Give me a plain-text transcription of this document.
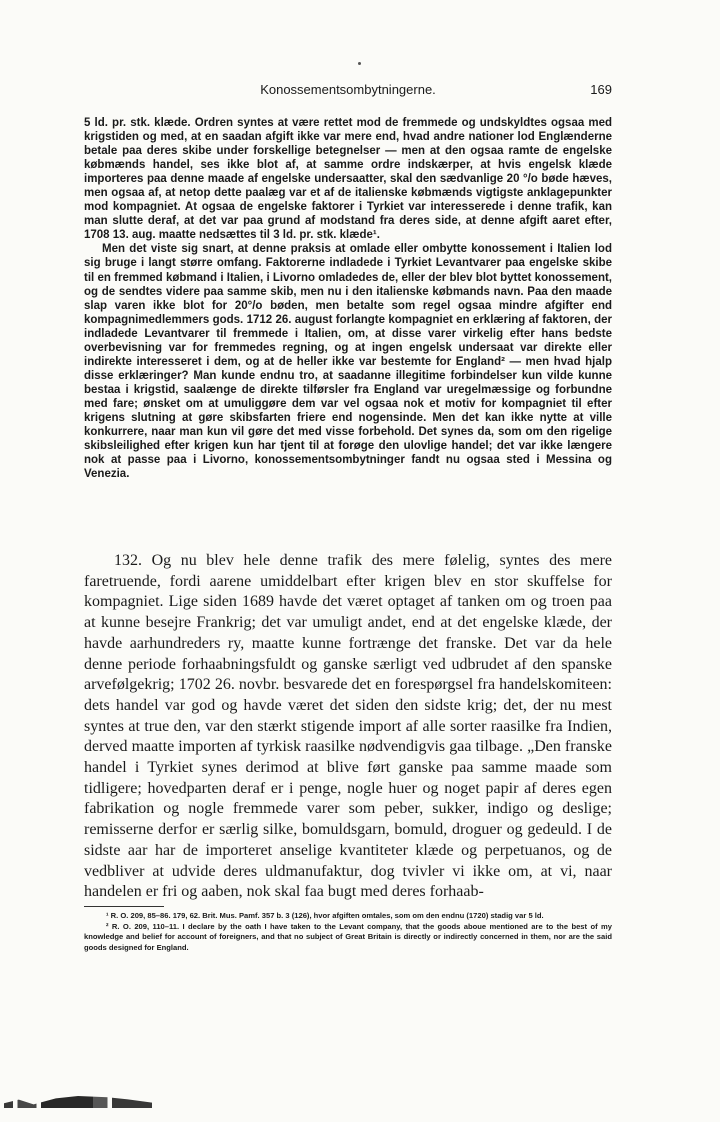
Konossementsombytningerne.	169

5 ld. pr. stk. klæde. Ordren syntes at være rettet mod de fremmede og undskyldtes ogsaa med krigstiden og med, at en saadan afgift ikke var mere end, hvad andre nationer lod Englænderne betale paa deres skibe under forskellige betegnelser — men at den ogsaa ramte de engelske købmænds handel, ses ikke blot af, at samme ordre indskærper, at hvis engelsk klæde importeres paa denne maade af engelske undersaatter, skal den sædvanlige 20 °/o bøde hæves, men ogsaa af, at netop dette paalæg var et af de italienske købmænds vigtigste anklagepunkter mod kompagniet. At ogsaa de engelske faktorer i Tyrkiet var interesserede i denne trafik, kan man slutte deraf, at det var paa grund af modstand fra deres side, at denne afgift aaret efter, 1708 13. aug. maatte nedsættes til 3 ld. pr. stk. klæde¹.

Men det viste sig snart, at denne praksis at omlade eller ombytte konossement i Italien lod sig bruge i langt større omfang. Faktorerne indladede i Tyrkiet Levantvarer paa engelske skibe til en fremmed købmand i Italien, i Livorno omladedes de, eller der blev blot byttet konossement, og de sendtes videre paa samme skib, men nu i den italienske købmands navn. Paa den maade slap varen ikke blot for 20°/o bøden, men betalte som regel ogsaa mindre afgifter end kompagnimedlemmers gods. 1712 26. august forlangte kompagniet en erklæring af faktoren, der indladede Levantvarer til fremmede i Italien, om, at disse varer virkelig efter hans bedste overbevisning var for fremmedes regning, og at ingen engelsk undersaat var direkte eller indirekte interesseret i dem, og at de heller ikke var bestemte for England² — men hvad hjalp disse erklæringer? Man kunde endnu tro, at saadanne illegitime forbindelser kun vilde kunne bestaa i krigstid, saalænge de direkte tilførsler fra England var uregelmæssige og forbundne med fare; ønsket om at umuliggøre dem var vel ogsaa nok et motiv for kompagniet til efter krigens slutning at gøre skibsfarten friere end nogensinde. Men det kan ikke nytte at ville konkurrere, naar man kun vil gøre det med visse forbehold. Det synes da, som om den rigelige skibsleilighed efter krigen kun har tjent til at forøge den ulovlige handel; det var ikke længere nok at passe paa i Livorno, konossementsombytninger fandt nu ogsaa sted i Messina og Venezia.

132. Og nu blev hele denne trafik des mere følelig, syntes des mere faretruende, fordi aarene umiddelbart efter krigen blev en stor skuffelse for kompagniet. Lige siden 1689 havde det været optaget af tanken om og troen paa at kunne besejre Frankrig; det var umuligt andet, end at det engelske klæde, der havde aarhundreders ry, maatte kunne fortrænge det franske. Det var da hele denne periode forhaabningsfuldt og ganske særligt ved udbrudet af den spanske arvefølgekrig; 1702 26. novbr. besvarede det en forespørgsel fra handelskomiteen: dets handel var god og havde været det siden den sidste krig; det, der nu mest syntes at true den, var den stærkt stigende import af alle sorter raasilke fra Indien, derved maatte importen af tyrkisk raasilke nødvendigvis gaa tilbage. „Den franske handel i Tyrkiet synes derimod at blive ført ganske paa samme maade som tidligere; hovedparten deraf er i penge, nogle huer og noget papir af deres egen fabrikation og nogle fremmede varer som peber, sukker, indigo og deslige; remisserne derfor er særlig silke, bomuldsgarn, bomuld, droguer og gedeuld. I de sidste aar har de importeret anselige kvantiteter klæde og perpetuanos, og de vedbliver at udvide deres uldmanufaktur, dog tvivler vi ikke om, at vi, naar handelen er fri og aaben, nok skal faa bugt med deres forhaab-

¹ R. O. 209, 85–86. 179, 62. Brit. Mus. Pamf. 357 b. 3 (126), hvor afgiften omtales, som om den endnu (1720) stadig var 5 ld.

² R. O. 209, 110–11. I declare by the oath I have taken to the Levant company, that the goods aboue mentioned are to the best of my knowledge and belief for account of foreigners, and that no subject of Great Britain is directly or indirectly concerned in them, nor are the said goods designed for England.
